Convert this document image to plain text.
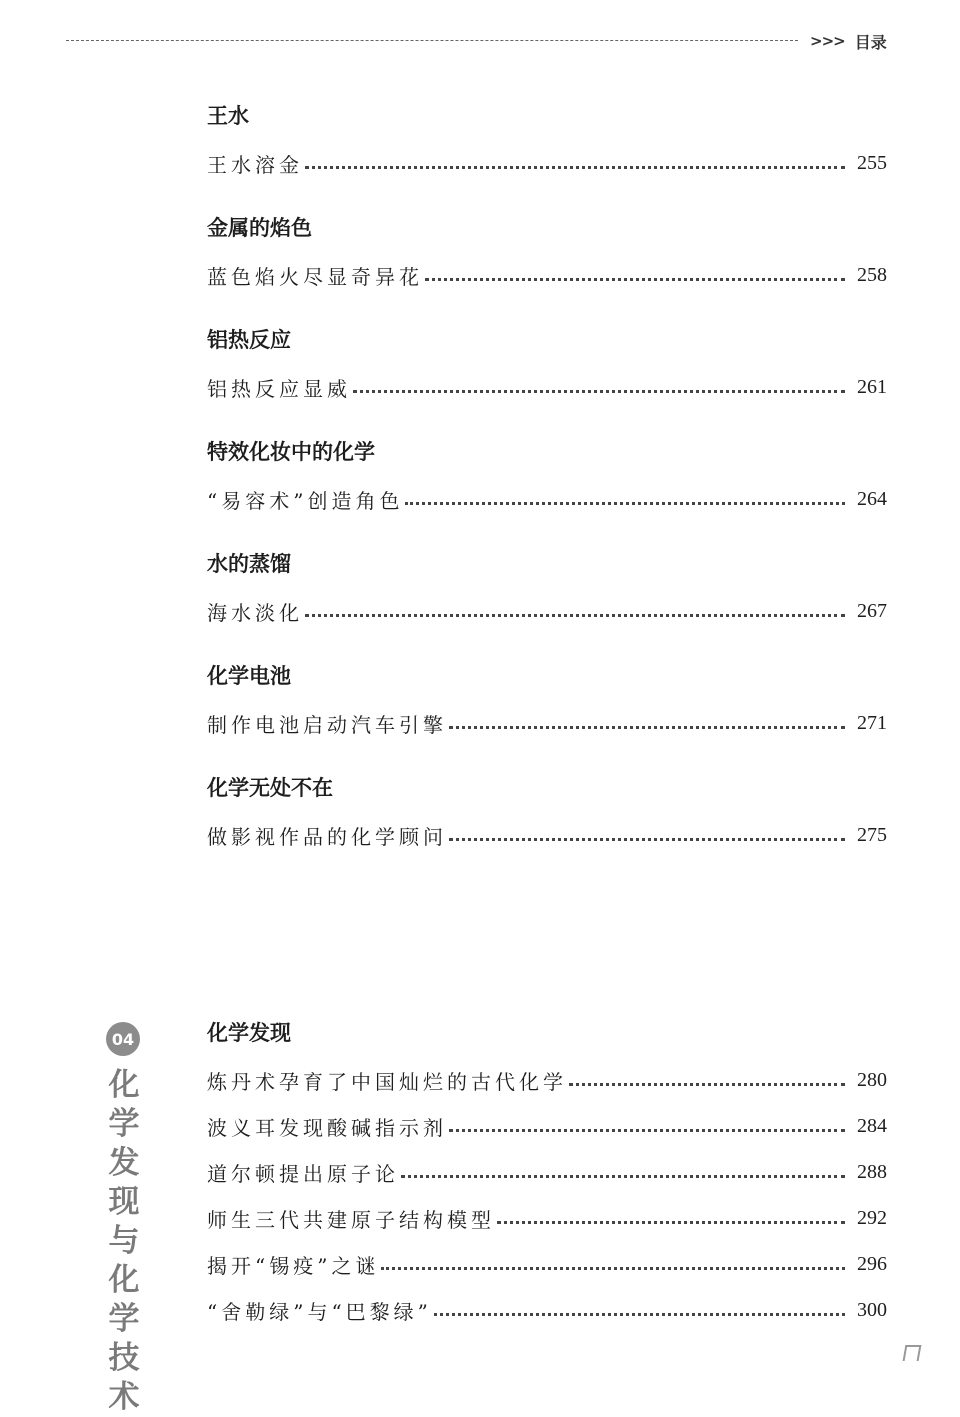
>>> 目录
王水
王水溶金	255
金属的焰色
蓝色焰火尽显奇异花	258
铝热反应
铝热反应显威	261
特效化妆中的化学
“易容术”创造角色	264
水的蒸馏
海水淡化	267
化学电池
制作电池启动汽车引擎	271
化学无处不在
做影视作品的化学顾问	275
04
化学发现与化学技术
化学发现
炼丹术孕育了中国灿烂的古代化学	280
波义耳发现酸碱指示剂	284
道尔顿提出原子论	288
师生三代共建原子结构模型	292
揭开“锡疫”之谜	296
“舍勒绿”与“巴黎绿”	300
